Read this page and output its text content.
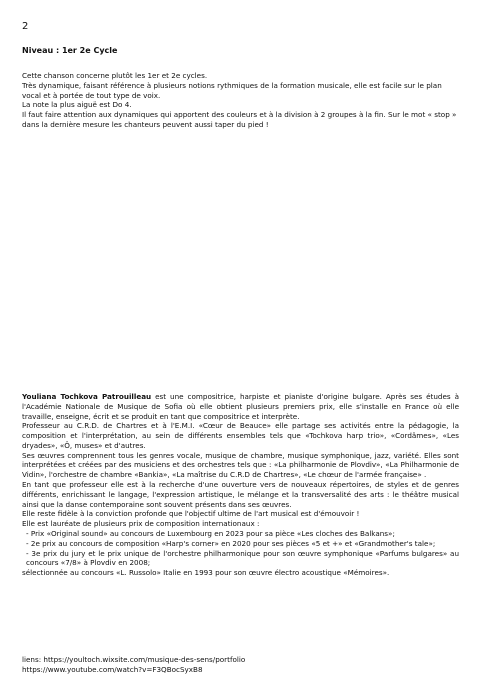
2
Niveau : 1er 2e Cycle

Cette chanson concerne plutôt les 1er et 2e cycles.

Très dynamique, faisant référence à plusieurs notions rythmiques de la formation musicale, elle est facile sur le plan vocal et à portée de tout type de voix.

La note la plus aiguë est Do 4.

Il faut faire attention aux dynamiques qui apportent des couleurs et à la division à 2 groupes à la fin. Sur le mot « stop » dans la dernière mesure les chanteurs peuvent aussi taper du pied !

Youliana Tochkova Patrouilleau est une compositrice, harpiste et pianiste d'origine bulgare. Après ses études à l'Académie Nationale de Musique de Sofia où elle obtient plusieurs premiers prix, elle s'installe en France où elle travaille, enseigne, écrit et se produit en tant que compositrice et interprète.

Professeur au C.R.D. de Chartres et à l'E.M.I. «Cœur de Beauce» elle partage ses activités entre la pédagogie, la composition et l'interprétation, au sein de différents ensembles tels que «Tochkova harp trio», «Cordâmes», «Les dryades», «Ô, muses» et d'autres.

Ses œuvres comprennent tous les genres vocale, musique de chambre, musique symphonique, jazz, variété. Elles sont interprétées et créées par des musiciens et des orchestres tels que : «La philharmonie de Plovdiv», «La Philharmonie de Vidin», l'orchestre de chambre «Bankia», «La maîtrise du C.R.D de Chartres», «Le chœur de l'armée française» .

En tant que professeur elle est à la recherche d'une ouverture vers de nouveaux répertoires, de styles et de genres différents, enrichissant le langage, l'expression artistique, le mélange et la transversalité des arts : le théâtre musical ainsi que la danse contemporaine sont souvent présents dans ses œuvres.

Elle reste fidèle à la conviction profonde que l'objectif ultime de l'art musical est d'émouvoir !

Elle est lauréate de plusieurs prix de composition internationaux :

- Prix «Original sound» au concours de Luxembourg en 2023 pour sa pièce «Les cloches des Balkans»;

- 2e prix au concours de composition «Harp's corner» en 2020 pour ses pièces «5 et +» et «Grandmother's tale»;

- 3e prix du jury et le prix unique de l'orchestre philharmonique pour son œuvre symphonique «Parfums bulgares» au concours «7/8» à Plovdiv en 2008;

sélectionnée au concours «L. Russolo» Italie en 1993 pour son œuvre électro acoustique «Mémoires».

liens: https://youltoch.wixsite.com/musique-des-sens/portfolio

https://www.youtube.com/watch?v=F3QBocSyxB8
